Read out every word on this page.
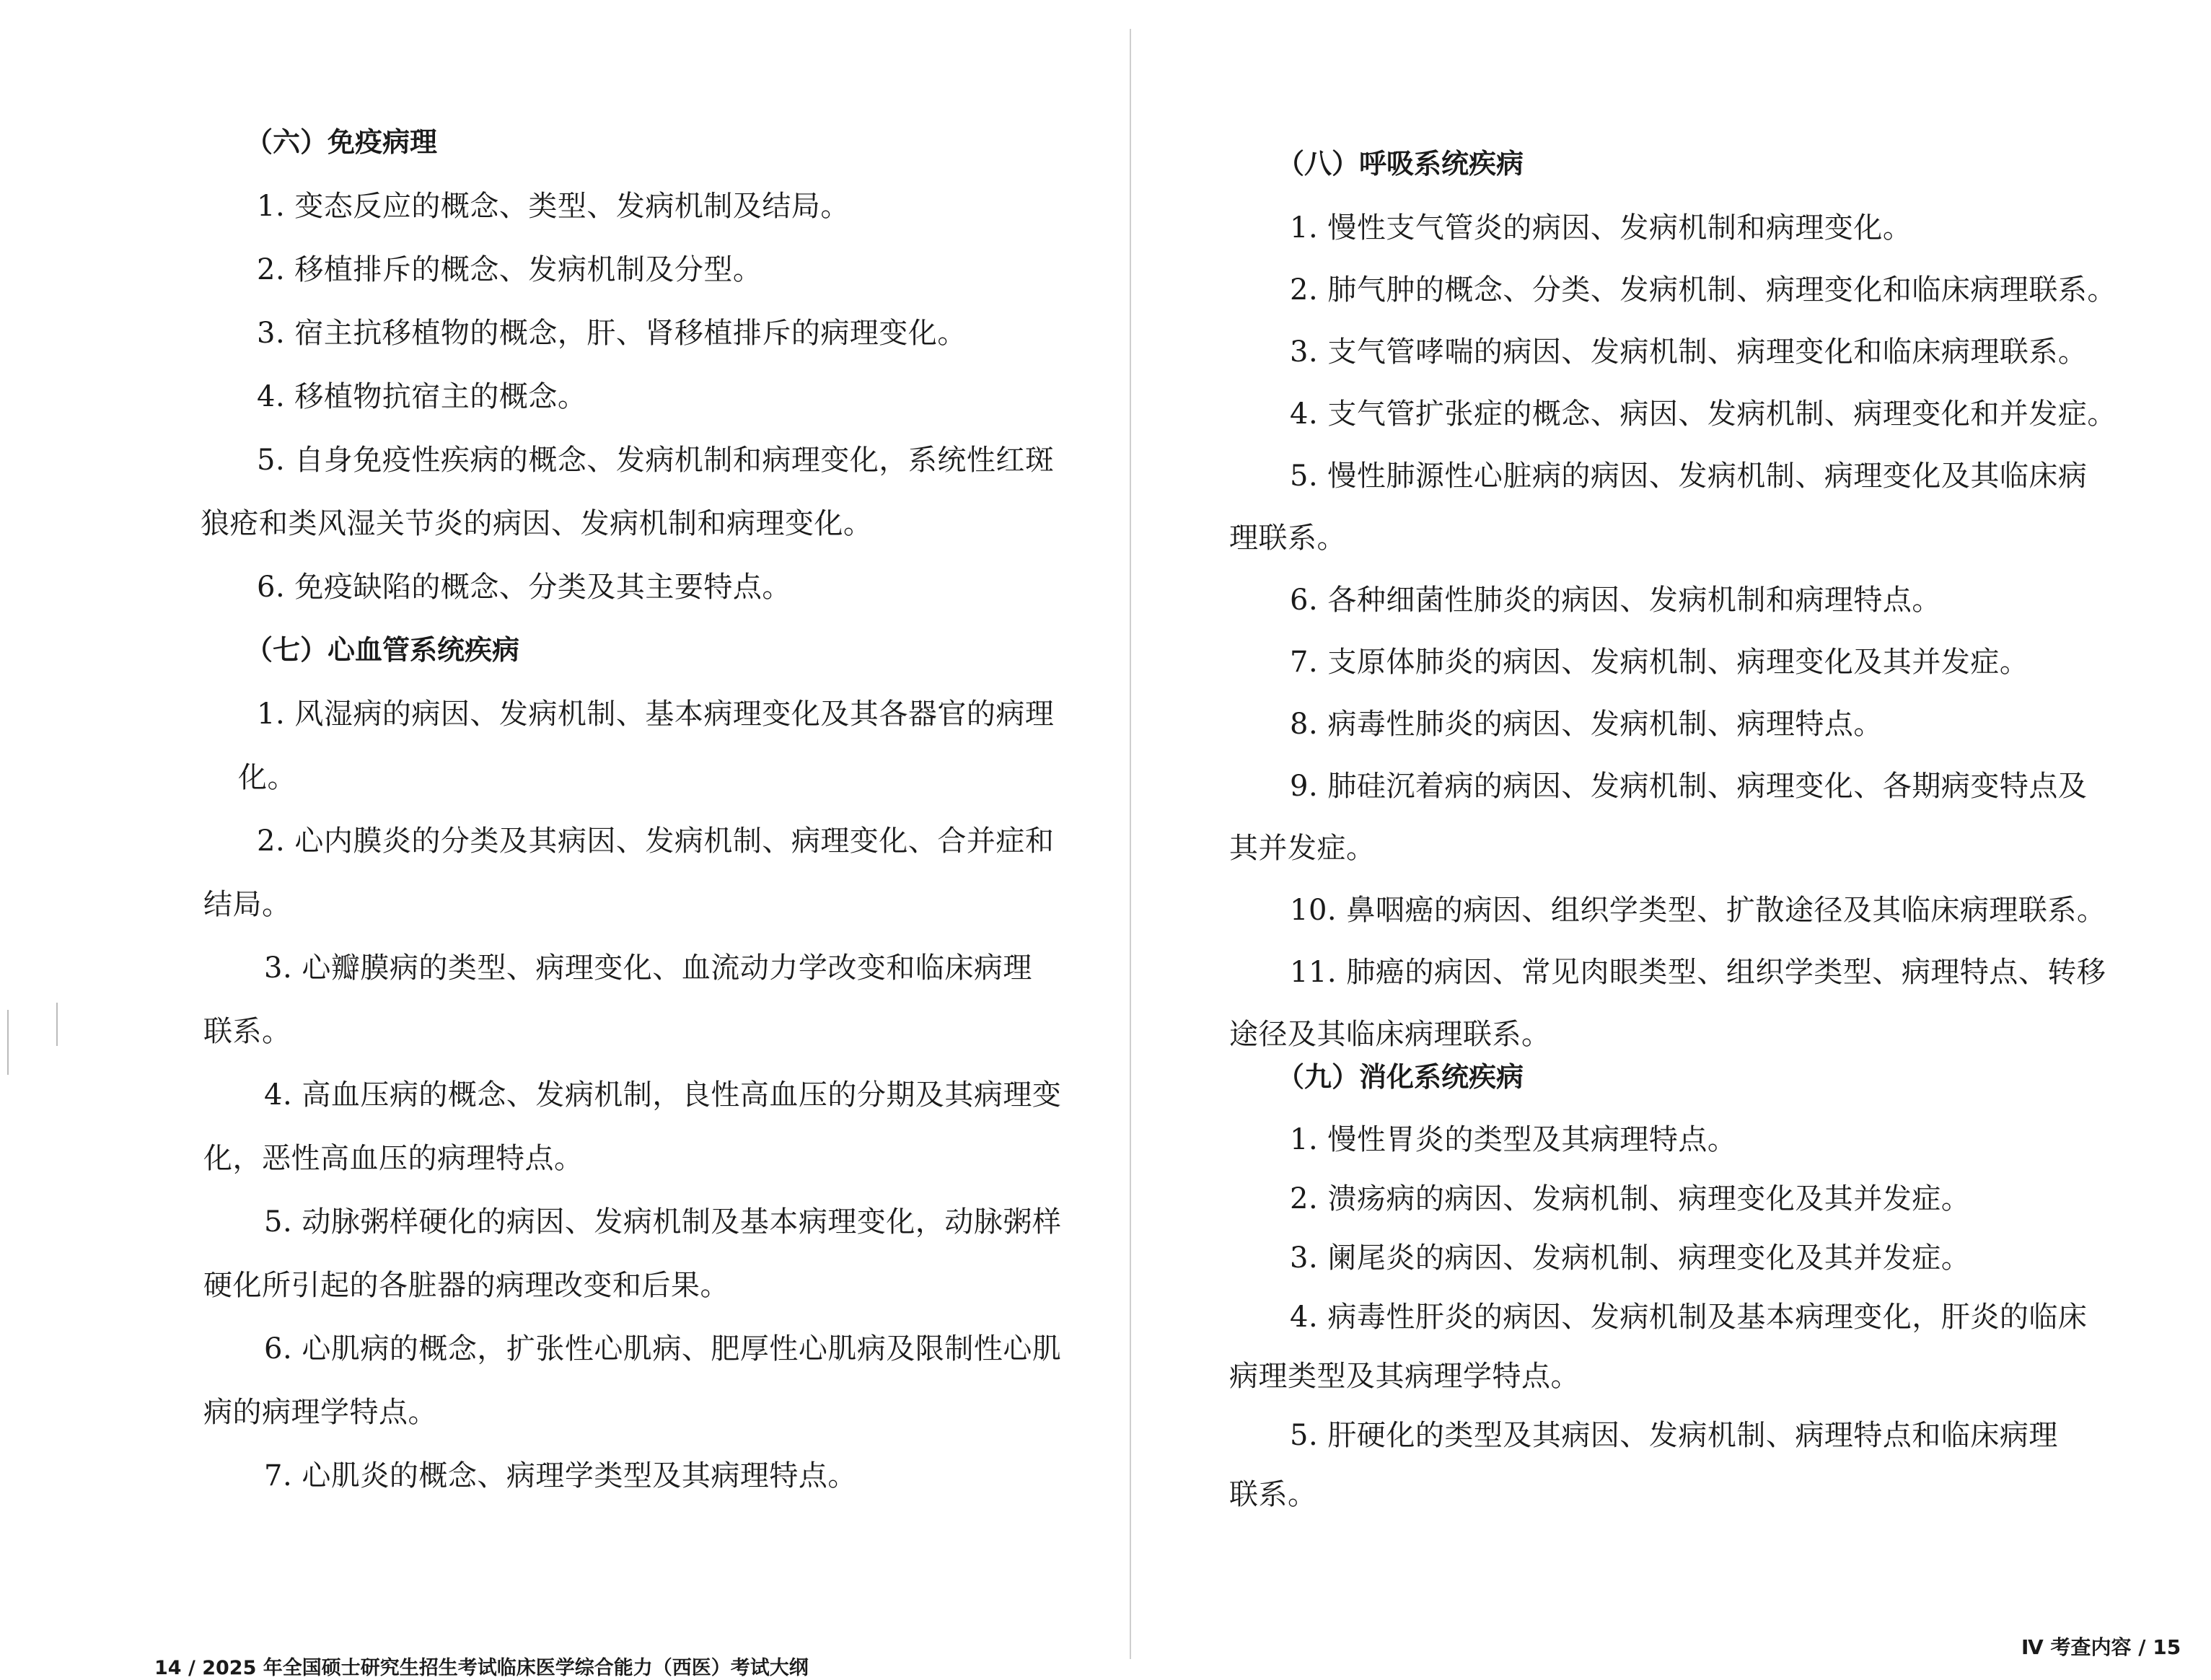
（六）免疫病理
1. 变态反应的概念、类型、发病机制及结局。
2. 移植排斥的概念、发病机制及分型。
3. 宿主抗移植物的概念，肝、肾移植排斥的病理变化。
4. 移植物抗宿主的概念。
5. 自身免疫性疾病的概念、发病机制和病理变化，系统性红斑
狼疮和类风湿关节炎的病因、发病机制和病理变化。
6. 免疫缺陷的概念、分类及其主要特点。
（七）心血管系统疾病
1. 风湿病的病因、发病机制、基本病理变化及其各器官的病理
化。
2. 心内膜炎的分类及其病因、发病机制、病理变化、合并症和
结局。
3. 心瓣膜病的类型、病理变化、血流动力学改变和临床病理
联系。
4. 高血压病的概念、发病机制，良性高血压的分期及其病理变
化，恶性高血压的病理特点。
5. 动脉粥样硬化的病因、发病机制及基本病理变化，动脉粥样
硬化所引起的各脏器的病理改变和后果。
6. 心肌病的概念，扩张性心肌病、肥厚性心肌病及限制性心肌
病的病理学特点。
7. 心肌炎的概念、病理学类型及其病理特点。
14 / 2025 年全国硕士研究生招生考试临床医学综合能力（西医）考试大纲
（八）呼吸系统疾病
1. 慢性支气管炎的病因、发病机制和病理变化。
2. 肺气肿的概念、分类、发病机制、病理变化和临床病理联系。
3. 支气管哮喘的病因、发病机制、病理变化和临床病理联系。
4. 支气管扩张症的概念、病因、发病机制、病理变化和并发症。
5. 慢性肺源性心脏病的病因、发病机制、病理变化及其临床病
理联系。
6. 各种细菌性肺炎的病因、发病机制和病理特点。
7. 支原体肺炎的病因、发病机制、病理变化及其并发症。
8. 病毒性肺炎的病因、发病机制、病理特点。
9. 肺硅沉着病的病因、发病机制、病理变化、各期病变特点及
其并发症。
10. 鼻咽癌的病因、组织学类型、扩散途径及其临床病理联系。
11. 肺癌的病因、常见肉眼类型、组织学类型、病理特点、转移
途径及其临床病理联系。
（九）消化系统疾病
1. 慢性胃炎的类型及其病理特点。
2. 溃疡病的病因、发病机制、病理变化及其并发症。
3. 阑尾炎的病因、发病机制、病理变化及其并发症。
4. 病毒性肝炎的病因、发病机制及基本病理变化，肝炎的临床
病理类型及其病理学特点。
5. 肝硬化的类型及其病因、发病机制、病理特点和临床病理
联系。
Ⅳ 考查内容 / 15
